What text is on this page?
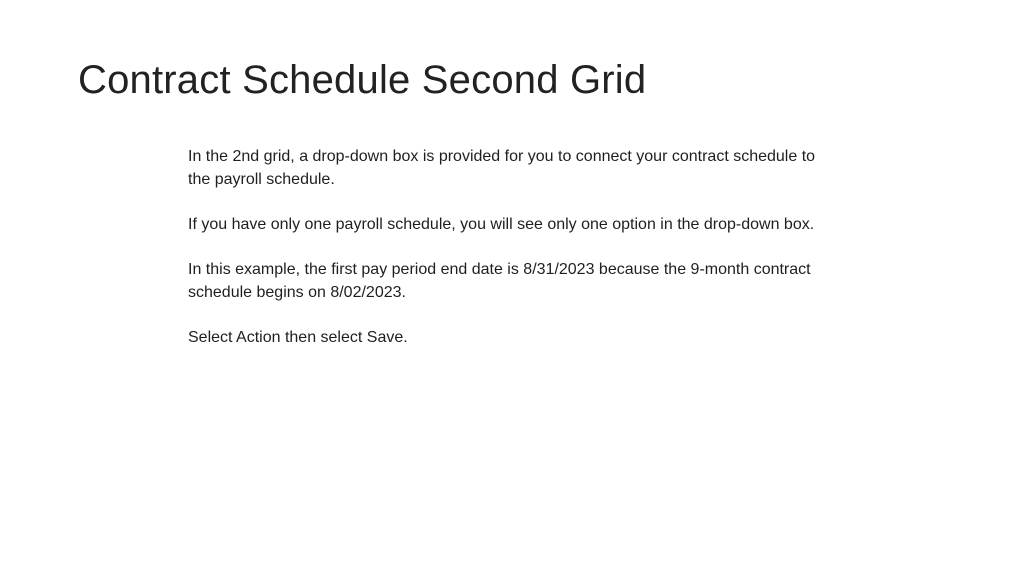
Contract Schedule Second Grid

In the 2nd grid, a drop-down box is provided for you to connect your contract schedule to the payroll schedule.

If you have only one payroll schedule, you will see only one option in the drop-down box.

In this example, the first pay period end date is 8/31/2023 because the 9-month contract schedule begins on 8/02/2023.

Select Action then select Save.
